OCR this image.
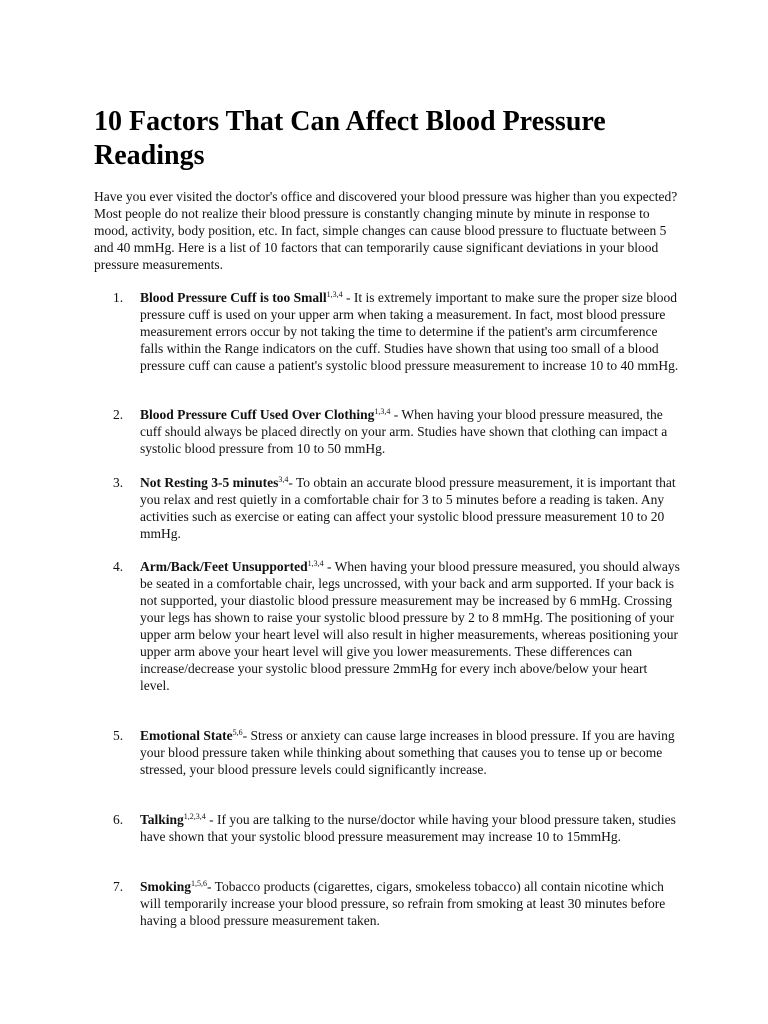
10 Factors That Can Affect Blood Pressure Readings

Have you ever visited the doctor's office and discovered your blood pressure was higher than you expected? Most people do not realize their blood pressure is constantly changing minute by minute in response to mood, activity, body position, etc. In fact, simple changes can cause blood pressure to fluctuate between 5 and 40 mmHg. Here is a list of 10 factors that can temporarily cause significant deviations in your blood pressure measurements.

1. Blood Pressure Cuff is too Small$^{1,3,4}$ - It is extremely important to make sure the proper size blood pressure cuff is used on your upper arm when taking a measurement. In fact, most blood pressure measurement errors occur by not taking the time to determine if the patient's arm circumference falls within the Range indicators on the cuff. Studies have shown that using too small of a blood pressure cuff can cause a patient's systolic blood pressure measurement to increase 10 to 40 mmHg.
2. Blood Pressure Cuff Used Over Clothing$^{1,3,4}$ - When having your blood pressure measured, the cuff should always be placed directly on your arm. Studies have shown that clothing can impact a systolic blood pressure from 10 to 50 mmHg.
3. Not Resting 3-5 minutes$^{3,4}$- To obtain an accurate blood pressure measurement, it is important that you relax and rest quietly in a comfortable chair for 3 to 5 minutes before a reading is taken. Any activities such as exercise or eating can affect your systolic blood pressure measurement 10 to 20 mmHg.
4. Arm/Back/Feet Unsupported$^{1,3,4}$ - When having your blood pressure measured, you should always be seated in a comfortable chair, legs uncrossed, with your back and arm supported. If your back is not supported, your diastolic blood pressure measurement may be increased by 6 mmHg. Crossing your legs has shown to raise your systolic blood pressure by 2 to 8 mmHg. The positioning of your upper arm below your heart level will also result in higher measurements, whereas positioning your upper arm above your heart level will give you lower measurements. These differences can increase/decrease your systolic blood pressure 2mmHg for every inch above/below your heart level.
5. Emotional State$^{5,6}$- Stress or anxiety can cause large increases in blood pressure. If you are having your blood pressure taken while thinking about something that causes you to tense up or become stressed, your blood pressure levels could significantly increase.
6. Talking$^{1,2,3,4}$ - If you are talking to the nurse/doctor while having your blood pressure taken, studies have shown that your systolic blood pressure measurement may increase 10 to 15mmHg.
7. Smoking$^{1,5,6}$- Tobacco products (cigarettes, cigars, smokeless tobacco) all contain nicotine which will temporarily increase your blood pressure, so refrain from smoking at least 30 minutes before having a blood pressure measurement taken.
